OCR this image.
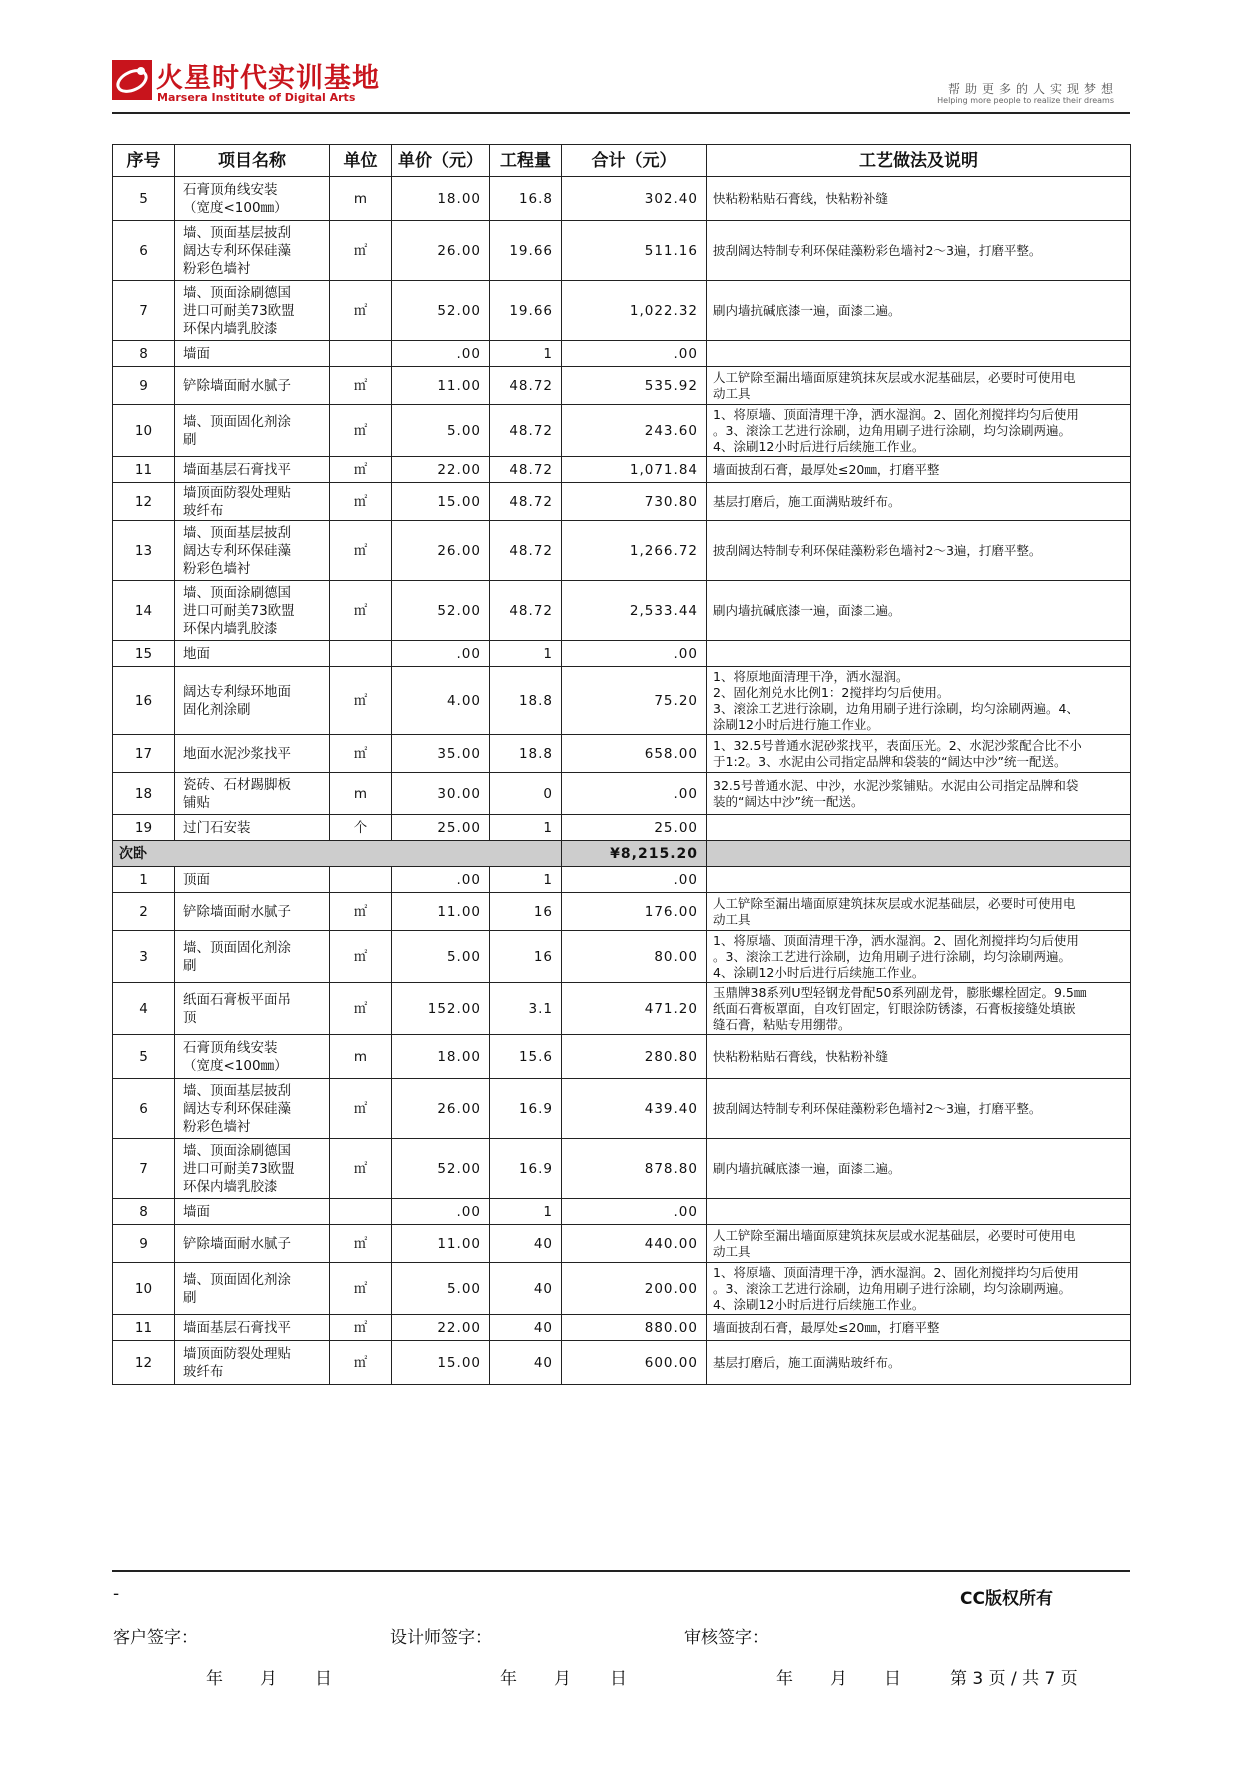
火星时代实训基地
Marsera Institute of Digital Arts
帮助更多的人实现梦想
Helping more people to realize their dreams
序号	项目名称	单位	单价（元）	工程量	合计（元）	工艺做法及说明
5	石膏顶角线安装
（宽度<100㎜）	m	18.00	16.8	302.40	快粘粉粘贴石膏线，快粘粉补缝

6	墙、顶面基层披刮
阔达专利环保硅藻
粉彩色墙衬	㎡	26.00	19.66	511.16	披刮阔达特制专利环保硅藻粉彩色墙衬2～3遍，打磨平整。

7	墙、顶面涂刷德国
进口可耐美73欧盟
环保内墙乳胶漆	㎡	52.00	19.66	1,022.32	刷内墙抗碱底漆一遍，面漆二遍。

8	墙面		.00	1	.00	
9	铲除墙面耐水腻子	㎡	11.00	48.72	535.92	人工铲除至漏出墙面原建筑抹灰层或水泥基础层，必要时可使用电
动工具

10	墙、顶面固化剂涂
刷	㎡	5.00	48.72	243.60	1、将原墙、顶面清理干净，洒水湿润。2、固化剂搅拌均匀后使用
。3、滚涂工艺进行涂刷，边角用刷子进行涂刷，均匀涂刷两遍。
4、涂刷12小时后进行后续施工作业。

11	墙面基层石膏找平	㎡	22.00	48.72	1,071.84	墙面披刮石膏，最厚处≤20㎜，打磨平整

12	墙顶面防裂处理贴
玻纤布	㎡	15.00	48.72	730.80	基层打磨后，施工面满贴玻纤布。

13	墙、顶面基层披刮
阔达专利环保硅藻
粉彩色墙衬	㎡	26.00	48.72	1,266.72	披刮阔达特制专利环保硅藻粉彩色墙衬2～3遍，打磨平整。

14	墙、顶面涂刷德国
进口可耐美73欧盟
环保内墙乳胶漆	㎡	52.00	48.72	2,533.44	刷内墙抗碱底漆一遍，面漆二遍。

15	地面		.00	1	.00	
16	阔达专利绿环地面
固化剂涂刷	㎡	4.00	18.8	75.20	1、将原地面清理干净，洒水湿润。
2、固化剂兑水比例1：2搅拌均匀后使用。
3、滚涂工艺进行涂刷，边角用刷子进行涂刷，均匀涂刷两遍。4、
涂刷12小时后进行施工作业。

17	地面水泥沙浆找平	㎡	35.00	18.8	658.00	1、32.5号普通水泥砂浆找平，表面压光。2、水泥沙浆配合比不小
于1:2。3、水泥由公司指定品牌和袋装的“阔达中沙”统一配送。

18	瓷砖、石材踢脚板
铺贴	m	30.00	0	.00	32.5号普通水泥、中沙，水泥沙浆铺贴。水泥由公司指定品牌和袋
装的“阔达中沙”统一配送。

19	过门石安装	个	25.00	1	25.00	
次卧					¥8,215.20	
1	顶面		.00	1	.00	
2	铲除墙面耐水腻子	㎡	11.00	16	176.00	人工铲除至漏出墙面原建筑抹灰层或水泥基础层，必要时可使用电
动工具

3	墙、顶面固化剂涂
刷	㎡	5.00	16	80.00	1、将原墙、顶面清理干净，洒水湿润。2、固化剂搅拌均匀后使用
。3、滚涂工艺进行涂刷，边角用刷子进行涂刷，均匀涂刷两遍。
4、涂刷12小时后进行后续施工作业。

4	纸面石膏板平面吊
顶	㎡	152.00	3.1	471.20	玉鼎牌38系列U型轻钢龙骨配50系列副龙骨，膨胀螺栓固定。9.5㎜
纸面石膏板罩面，自攻钉固定，钉眼涂防锈漆，石膏板接缝处填嵌
缝石膏，粘贴专用绷带。

5	石膏顶角线安装
（宽度<100㎜）	m	18.00	15.6	280.80	快粘粉粘贴石膏线，快粘粉补缝

6	墙、顶面基层披刮
阔达专利环保硅藻
粉彩色墙衬	㎡	26.00	16.9	439.40	披刮阔达特制专利环保硅藻粉彩色墙衬2～3遍，打磨平整。

7	墙、顶面涂刷德国
进口可耐美73欧盟
环保内墙乳胶漆	㎡	52.00	16.9	878.80	刷内墙抗碱底漆一遍，面漆二遍。

8	墙面		.00	1	.00	
9	铲除墙面耐水腻子	㎡	11.00	40	440.00	人工铲除至漏出墙面原建筑抹灰层或水泥基础层，必要时可使用电
动工具

10	墙、顶面固化剂涂
刷	㎡	5.00	40	200.00	1、将原墙、顶面清理干净，洒水湿润。2、固化剂搅拌均匀后使用
。3、滚涂工艺进行涂刷，边角用刷子进行涂刷，均匀涂刷两遍。
4、涂刷12小时后进行后续施工作业。

11	墙面基层石膏找平	㎡	22.00	40	880.00	墙面披刮石膏，最厚处≤20㎜，打磨平整

12	墙顶面防裂处理贴
玻纤布	㎡	15.00	40	600.00	基层打磨后，施工面满贴玻纤布。
-	CC版权所有
客户签字：	设计师签字：	审核签字：
年 月 日	年 月 日	年 月 日	第 3 页 / 共 7 页
